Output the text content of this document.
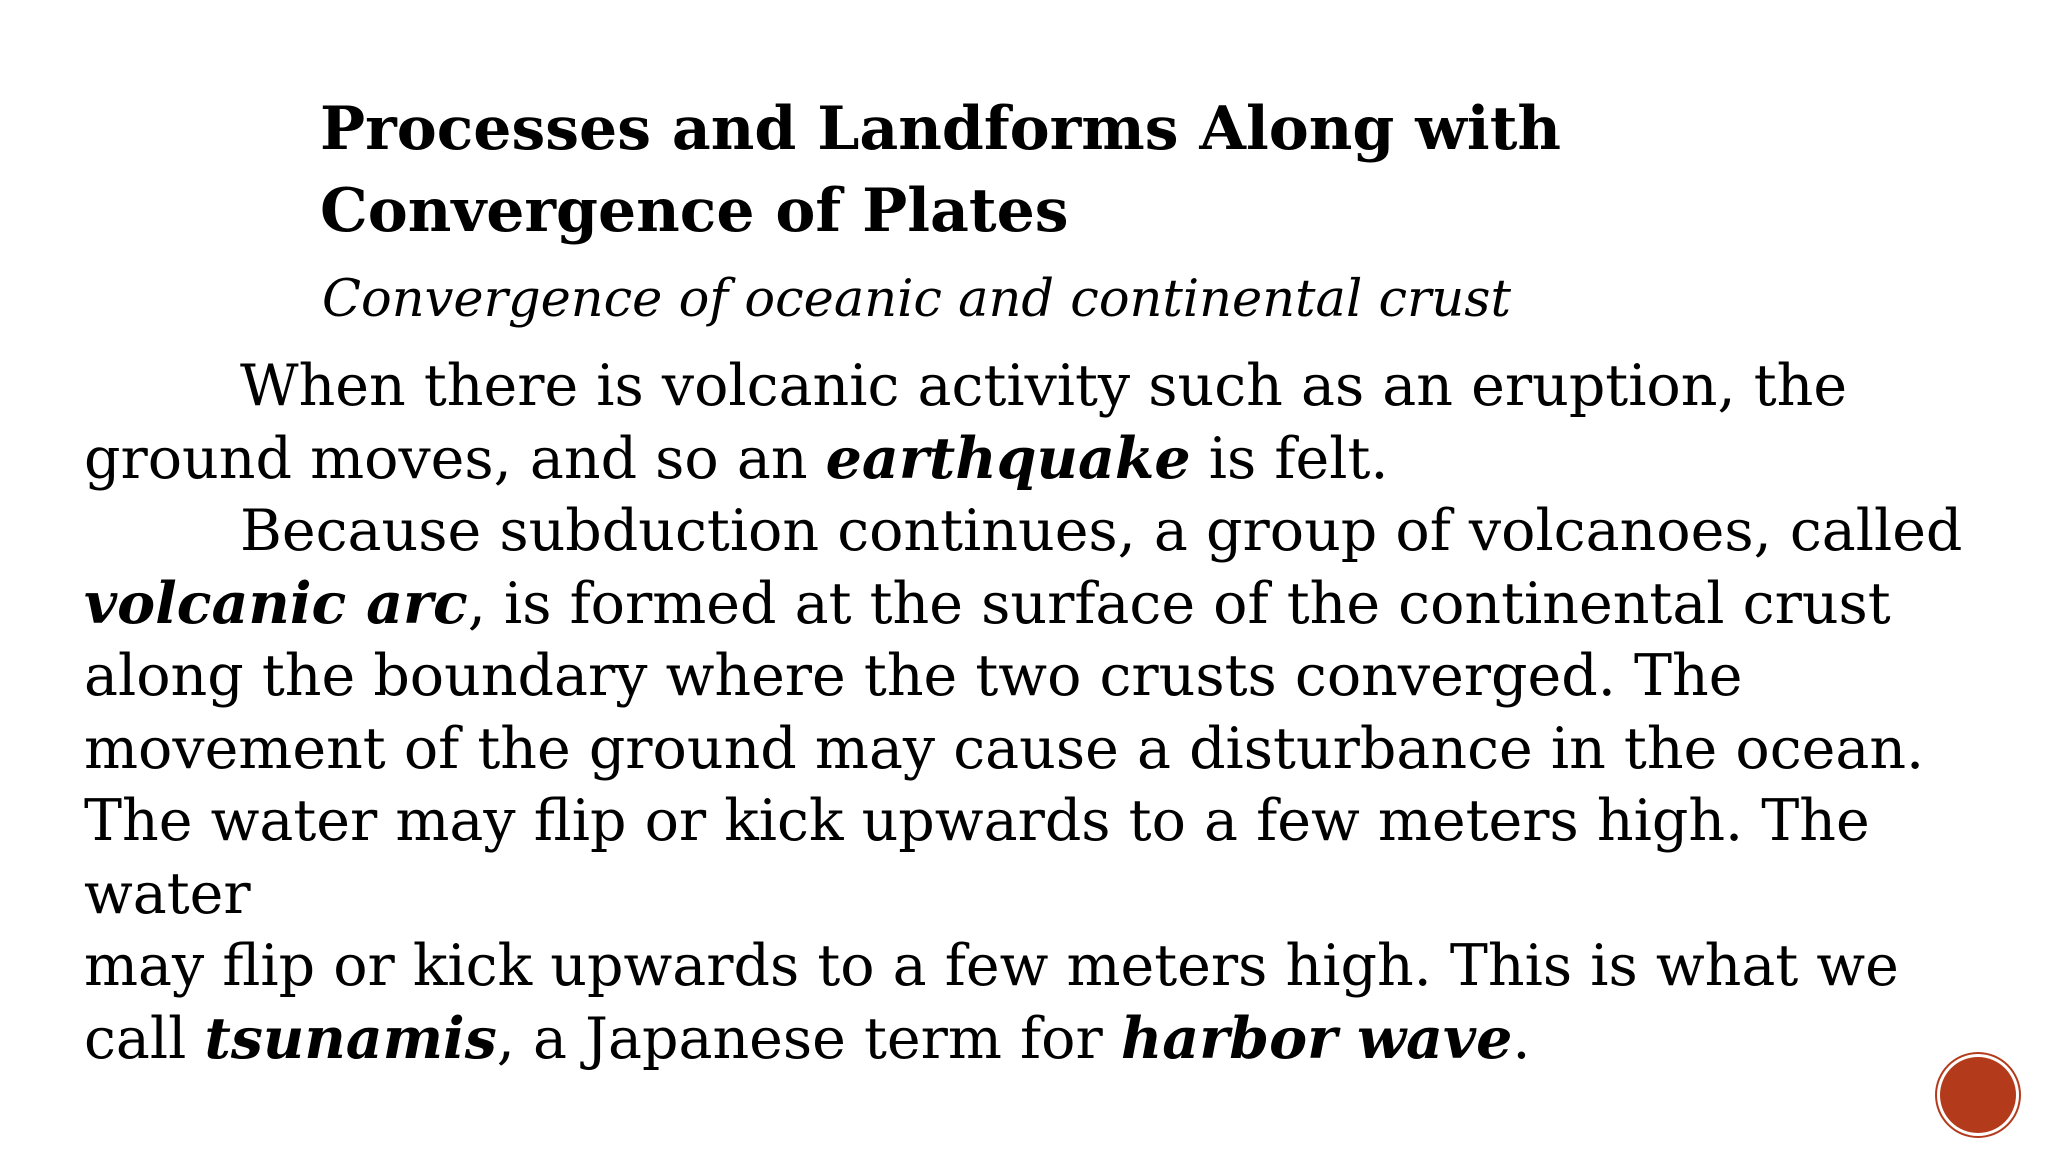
Processes and Landforms Along with
Convergence of Plates
Convergence of oceanic and continental crust

When there is volcanic activity such as an eruption, the ground moves, and so an earthquake is felt.

Because subduction continues, a group of volcanoes, called

volcanic arc, is formed at the surface of the continental crust along the boundary where the two crusts converged. The movement of the ground may cause a disturbance in the ocean. The water may flip or kick upwards to a few meters high. The water

may flip or kick upwards to a few meters high. This is what we call tsunamis, a Japanese term for harbor wave.
